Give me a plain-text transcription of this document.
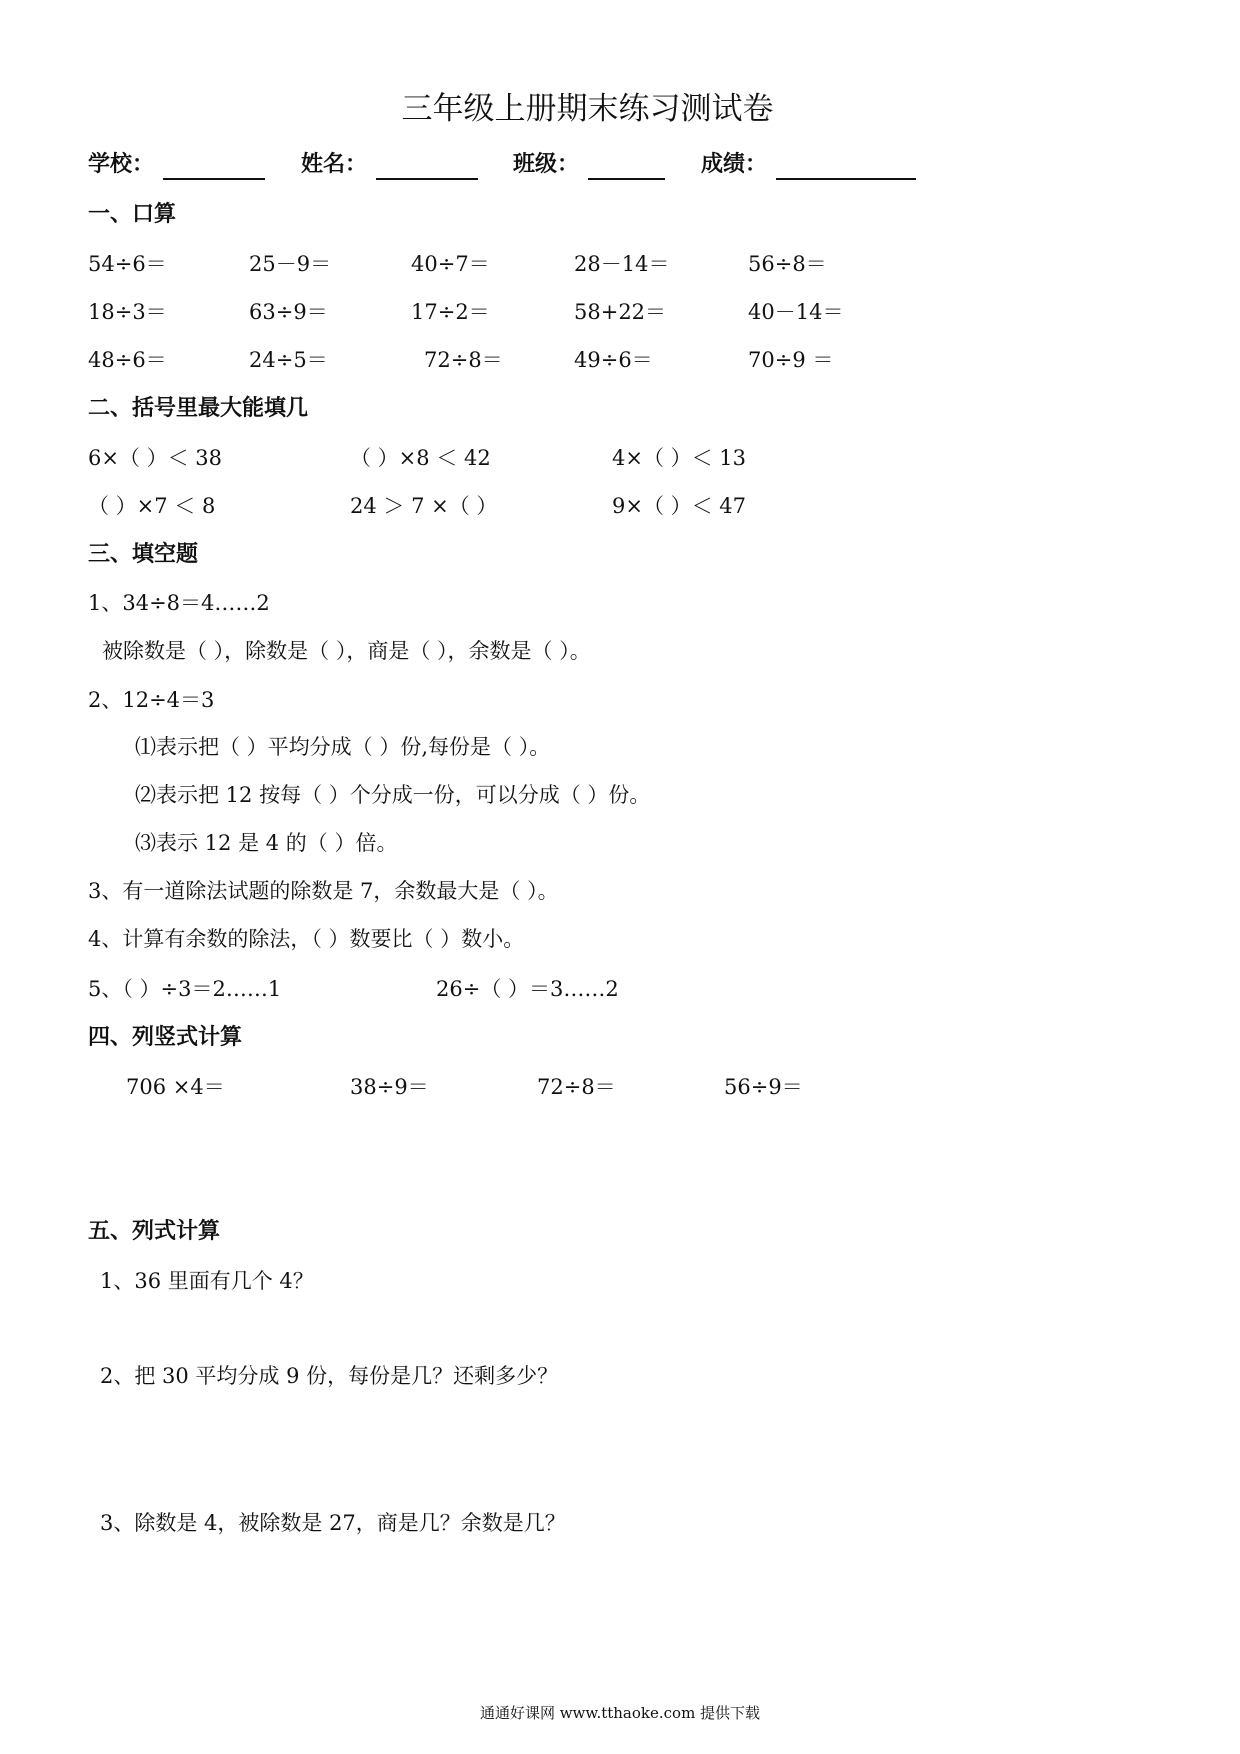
三年级上册期末练习测试卷
学校：	姓名：	班级：	成绩：
一、口算
54÷6＝	25－9＝	40÷7＝	28－14＝	56÷8＝
18÷3＝	63÷9＝	17÷2＝	58+22＝	40－14＝
48÷6＝	24÷5＝	72÷8＝	49÷6＝	70÷9 ＝
二、括号里最大能填几
6×（ ）＜ 38	（ ）×8 ＜ 42	4×（ ）＜ 13
（ ）×7 ＜ 8	24 ＞ 7 ×（ ）	9×（ ）＜ 47
三、填空题
1、34÷8＝4……2
被除数是（ ），除数是（ ），商是（ ），余数是（ ）。
2、12÷4＝3
⑴表示把（ ）平均分成（ ）份,每份是（ ）。
⑵表示把 12 按每（ ）个分成一份，可以分成（ ）份。
⑶表示 12 是 4 的（ ）倍。
3、有一道除法试题的除数是 7，余数最大是（ ）。
4、计算有余数的除法，（ ）数要比（ ）数小。
5、（ ）÷3＝2……1	26÷（ ）＝3……2
四、列竖式计算
706 ×4＝	38÷9＝	72÷8＝	56÷9＝
五、列式计算
1、36 里面有几个 4？
2、把 30 平均分成 9 份，每份是几？还剩多少？
3、除数是 4，被除数是 27，商是几？余数是几？
通通好课网 www.tthaoke.com 提供下载
